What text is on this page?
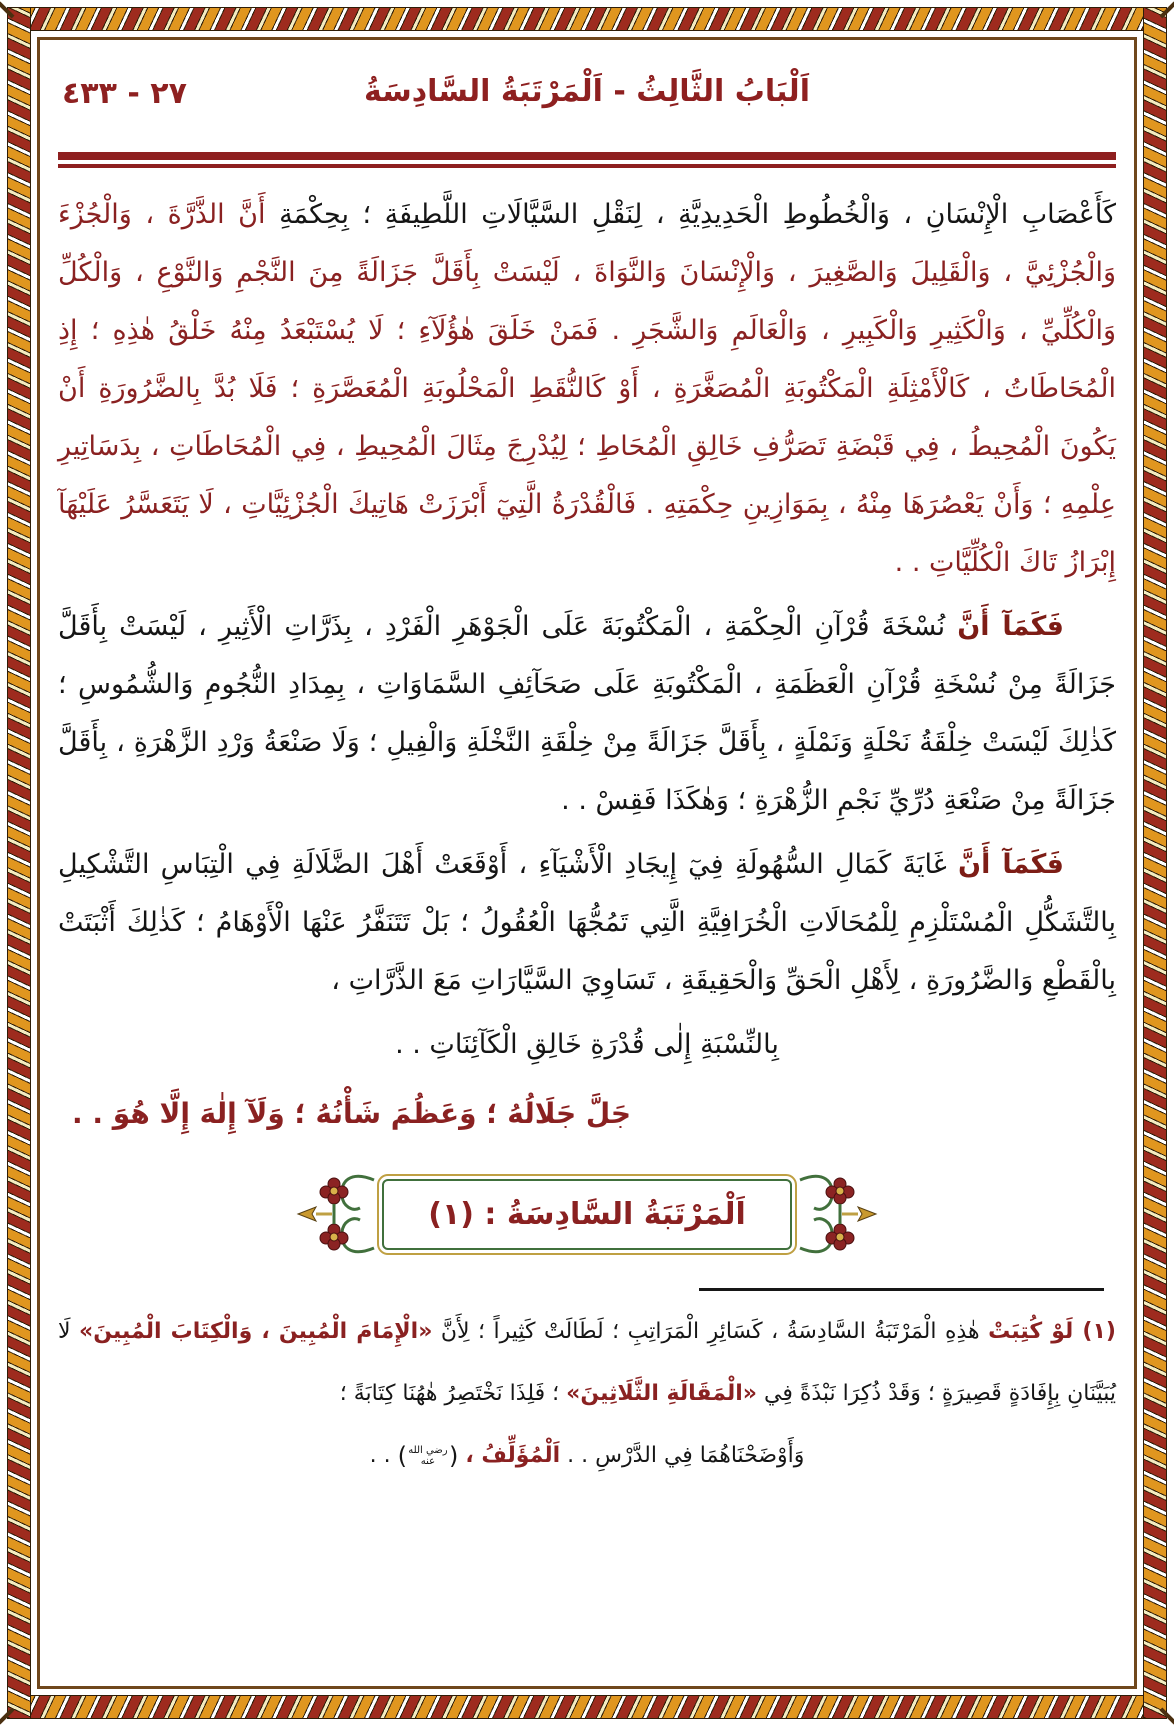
٢٧ - ٤٣٣	اَلْبَابُ الثَّالِثُ - اَلْمَرْتَبَةُ السَّادِسَةُ

كَأَعْصَابِ الْإِنْسَانِ ، وَالْخُطُوطِ الْحَدِيدِيَّةِ ، لِنَقْلِ السَّيَّالَاتِ اللَّطِيفَةِ ؛ بِحِكْمَةِ أَنَّ الذَّرَّةَ ، وَالْجُزْءَ وَالْجُزْئِيَّ ، وَالْقَلِيلَ وَالصَّغِيرَ ، وَالْإِنْسَانَ وَالنَّوَاةَ ، لَيْسَتْ بِأَقَلَّ جَزَالَةً مِنَ النَّجْمِ وَالنَّوْعِ ، وَالْكُلِّ وَالْكُلِّيِّ ، وَالْكَثِيرِ وَالْكَبِيرِ ، وَالْعَالَمِ وَالشَّجَرِ . فَمَنْ خَلَقَ هٰؤُلَآءِ ؛ لَا يُسْتَبْعَدُ مِنْهُ خَلْقُ هٰذِهِ ؛ إِذِ الْمُحَاطَاتُ ، كَالْأَمْثِلَةِ الْمَكْتُوبَةِ الْمُصَغَّرَةِ ، أَوْ كَالنُّقَطِ الْمَحْلُوبَةِ الْمُعَصَّرَةِ ؛ فَلَا بُدَّ بِالضَّرُورَةِ أَنْ يَكُونَ الْمُحِيطُ ، فِي قَبْضَةِ تَصَرُّفِ خَالِقِ الْمُحَاطِ ؛ لِيُدْرِجَ مِثَالَ الْمُحِيطِ ، فِي الْمُحَاطَاتِ ، بِدَسَاتِيرِ عِلْمِهِ ؛ وَأَنْ يَعْصُرَهَا مِنْهُ ، بِمَوَازِينِ حِكْمَتِهِ . فَالْقُدْرَةُ الَّتِيٓ أَبْرَزَتْ هَاتِيكَ الْجُزْئِيَّاتِ ، لَا يَتَعَسَّرُ عَلَيْهَآ إِبْرَازُ تَاكَ الْكُلِّيَّاتِ . .

فَكَمَآ أَنَّ نُسْخَةَ قُرْآنِ الْحِكْمَةِ ، الْمَكْتُوبَةَ عَلَى الْجَوْهَرِ الْفَرْدِ ، بِذَرَّاتِ الْأَثِيرِ ، لَيْسَتْ بِأَقَلَّ جَزَالَةً مِنْ نُسْخَةِ قُرْآنِ الْعَظَمَةِ ، الْمَكْتُوبَةِ عَلَى صَحَآئِفِ السَّمَاوَاتِ ، بِمِدَادِ النُّجُومِ وَالشُّمُوسِ ؛ كَذٰلِكَ لَيْسَتْ خِلْقَةُ نَحْلَةٍ وَنَمْلَةٍ ، بِأَقَلَّ جَزَالَةً مِنْ خِلْقَةِ النَّخْلَةِ وَالْفِيلِ ؛ وَلَا صَنْعَةُ وَرْدِ الزَّهْرَةِ ، بِأَقَلَّ جَزَالَةً مِنْ صَنْعَةِ دُرِّيِّ نَجْمِ الزُّهْرَةِ ؛ وَهٰكَذَا فَقِسْ . .

فَكَمَآ أَنَّ غَايَةَ كَمَالِ السُّهُولَةِ فِيٓ إِيجَادِ الْأَشْيَآءِ ، أَوْقَعَتْ أَهْلَ الضَّلَالَةِ فِي الْتِبَاسِ التَّشْكِيلِ بِالتَّشَكُّلِ الْمُسْتَلْزِمِ لِلْمُحَالَاتِ الْخُرَافِيَّةِ الَّتِي تَمُجُّهَا الْعُقُولُ ؛ بَلْ تَتَنَفَّرُ عَنْهَا الْأَوْهَامُ ؛ كَذٰلِكَ أَثْبَتَتْ بِالْقَطْعِ وَالضَّرُورَةِ ، لِأَهْلِ الْحَقِّ وَالْحَقِيقَةِ ، تَسَاوِيَ السَّيَّارَاتِ مَعَ الذَّرَّاتِ ،

بِالنِّسْبَةِ إِلٰى قُدْرَةِ خَالِقِ الْكَآئِنَاتِ . .
جَلَّ جَلَالُهُ ؛ وَعَظُمَ شَأْنُهُ ؛ وَلَآ إِلٰهَ إِلَّا هُوَ . .
اَلْمَرْتَبَةُ السَّادِسَةُ : (١)

(١) لَوْ كُتِبَتْ هٰذِهِ الْمَرْتَبَةُ السَّادِسَةُ ، كَسَائِرِ الْمَرَاتِبِ ؛ لَطَالَتْ كَثِيراً ؛ لِأَنَّ «الْإِمَامَ الْمُبِينَ ، وَالْكِتَابَ الْمُبِينَ» لَا يُبَيَّنَانِ بِإِفَادَةٍ قَصِيرَةٍ ؛ وَقَدْ ذُكِرَا نَبْذَةً فِي «الْمَقَالَةِ الثَّلَاثِينَ» ؛ فَلِذَا نَخْتَصِرُ هٰهُنَا كِتَابَةً ؛
وَأَوْضَحْنَاهُمَا فِي الدَّرْسِ . . اَلْمُؤَلِّفُ ، (رضي الله عنه) . .
